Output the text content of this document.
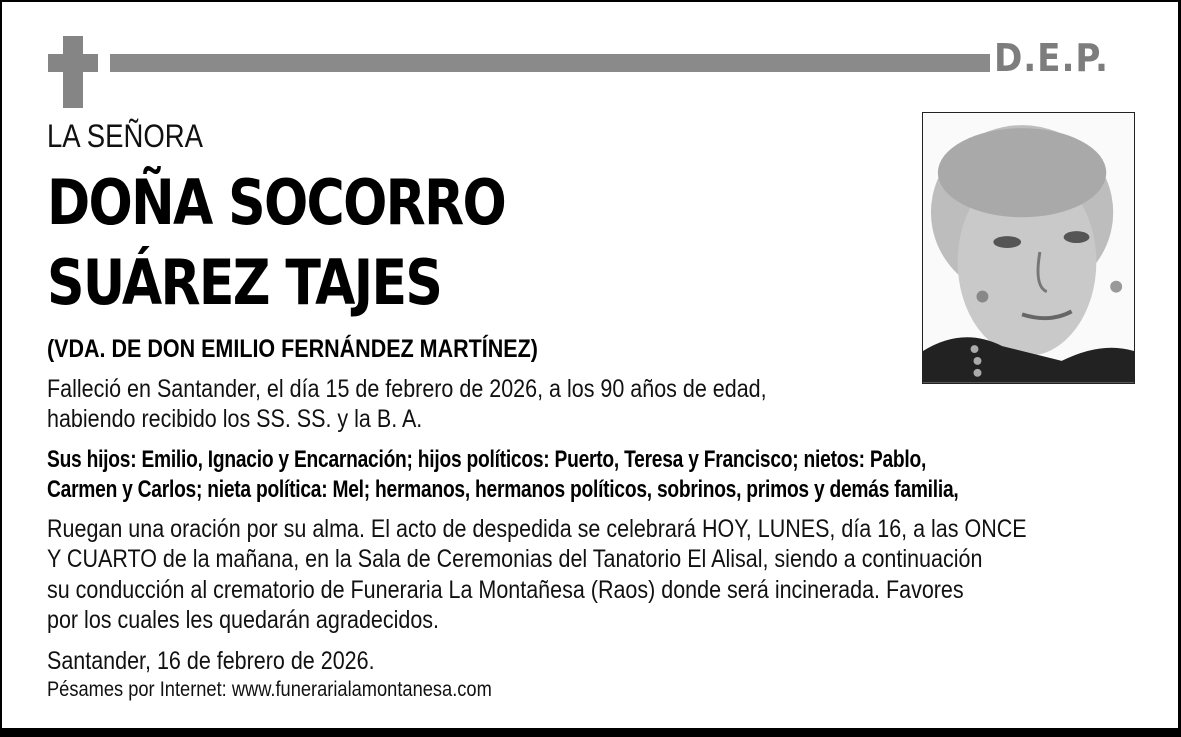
D.E.P.
LA SEÑORA
DOÑA SOCORRO
SUÁREZ TAJES
(VDA. DE DON EMILIO FERNÁNDEZ MARTÍNEZ)
Falleció en Santander, el día 15 de febrero de 2026, a los 90 años de edad,
habiendo recibido los SS. SS. y la B. A.
Sus hijos: Emilio, Ignacio y Encarnación; hijos políticos: Puerto, Teresa y Francisco; nietos: Pablo,
Carmen y Carlos; nieta política: Mel; hermanos, hermanos políticos, sobrinos, primos y demás familia,
Ruegan una oración por su alma. El acto de despedida se celebrará HOY, LUNES, día 16, a las ONCE
Y CUARTO de la mañana, en la Sala de Ceremonias del Tanatorio El Alisal, siendo a continuación
su conducción al crematorio de Funeraria La Montañesa (Raos) donde será incinerada. Favores
por los cuales les quedarán agradecidos.
Santander, 16 de febrero de 2026.
Pésames por Internet: www.funerarialamontanesa.com
